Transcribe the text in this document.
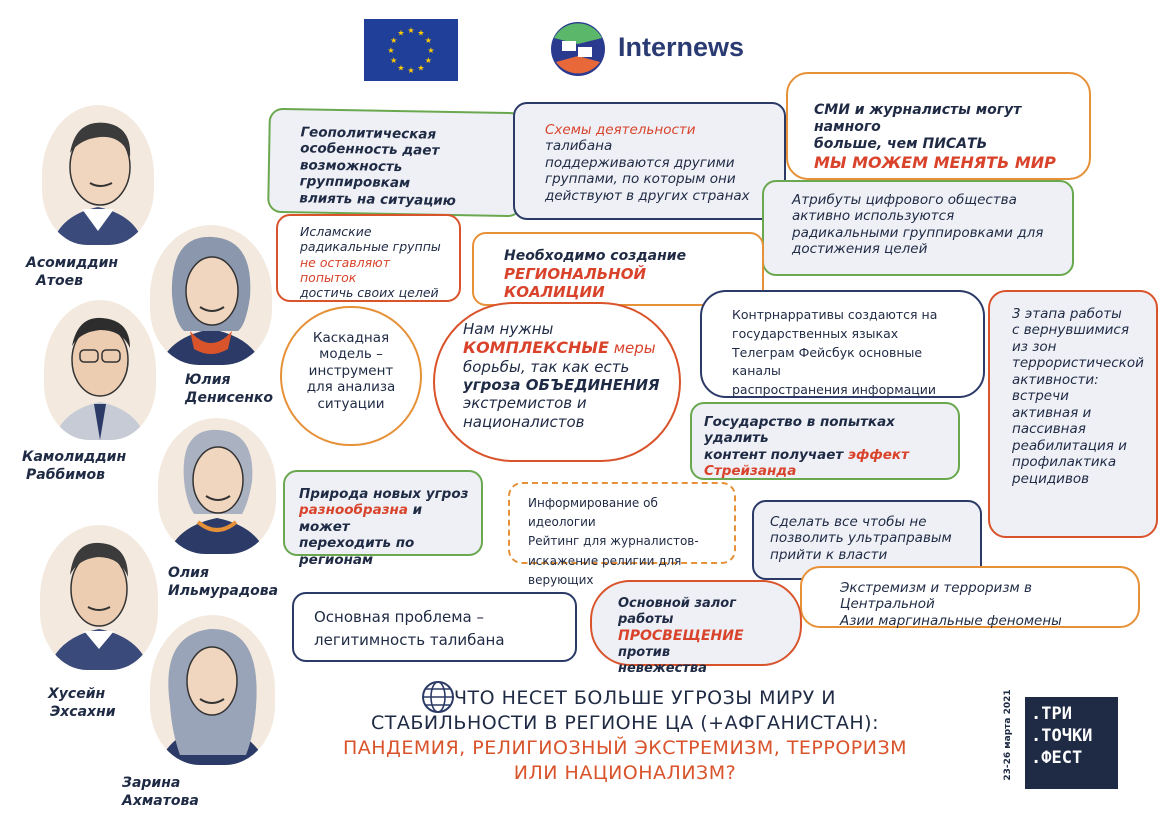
★ ★
★
★
★
★
★
★
★
★
★
★	Internews
Асомиддин
Атоев
Юлия
Денисенко
Камолиддин
Раббимов
Олия
Ильмурадова
Хусейн
Эхсахни
Зарина
Ахматова
Геополитическая
особенность дает
возможность группировкам
влиять на ситуацию
Исламские
радикальные группы
не оставляют попыток
достичь своих целей
Схемы деятельности талибана
поддерживаются другими
группами, по которым они
действуют в других странах
СМИ и журналисты могут намного
больше, чем ПИСАТЬ
МЫ МОЖЕМ МЕНЯТЬ МИР
Атрибуты цифрового общества
активно используются
радикальными группировками для
достижения целей
Необходимо создание
РЕГИОНАЛЬНОЙ КОАЛИЦИИ
Каскадная
модель –
инструмент
для анализа
ситуации
Нам нужны
КОМПЛЕКСНЫЕ меры
борьбы, так как есть
угроза ОБЪЕДИНЕНИЯ
экстремистов и
националистов
Контрнарративы создаются на
государственных языках
Телеграм Фейсбук основные каналы
распространения информации
3 этапа работы
с вернувшимися
из зон
террористической
активности:
встречи
активная и
пассивная
реабилитация и
профилактика
рецидивов
Государство в попытках удалить
контент получает эффект
Стрейзанда
Природа новых угроз
разнообразна и может
переходить по регионам
Информирование об идеологии
Рейтинг для журналистов-
искажение религии для верующих
Сделать все чтобы не
позволить ультраправым
прийти к власти
Экстремизм и терроризм в Центральной
Азии маргинальные феномены
Основная проблема –
легитимность талибана
Основной залог работы
ПРОСВЕЩЕНИЕ против
невежества
ЧТО НЕСЕТ БОЛЬШЕ УГРОЗЫ МИРУ И
СТАБИЛЬНОСТИ В РЕГИОНЕ ЦА (+АФГАНИСТАН):
ПАНДЕМИЯ, РЕЛИГИОЗНЫЙ ЭКСТРЕМИЗМ, ТЕРРОРИЗМ
ИЛИ НАЦИОНАЛИЗМ?	23-26 марта 2021 .ТРИ
.ТОЧКИ
.ФЕСТ
